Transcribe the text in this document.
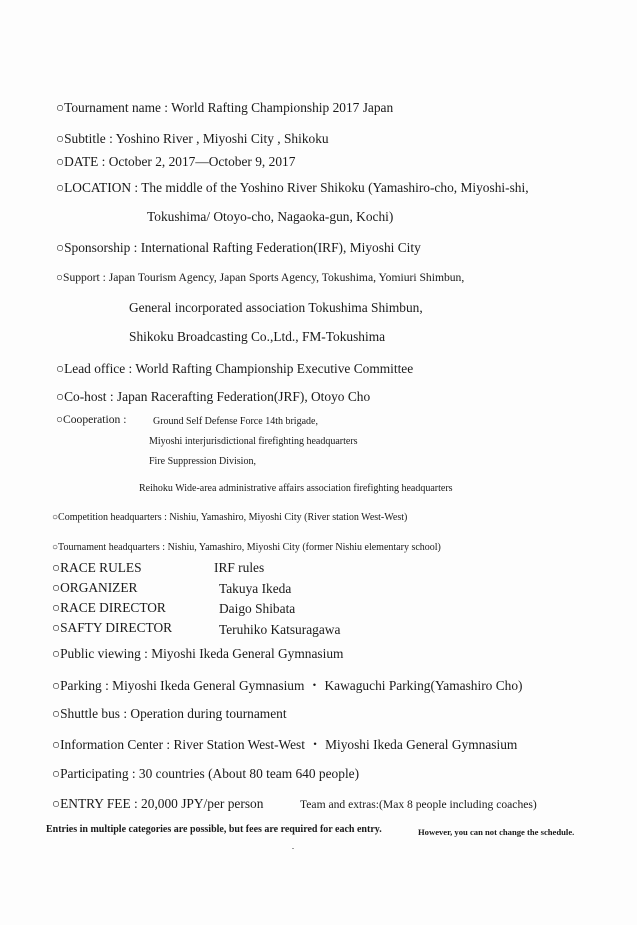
○Tournament name : World Rafting Championship 2017 Japan
○Subtitle : Yoshino River , Miyoshi City , Shikoku
○DATE : October 2, 2017—October 9, 2017
○LOCATION : The middle of the Yoshino River Shikoku (Yamashiro-cho, Miyoshi-shi,
Tokushima/ Otoyo-cho, Nagaoka-gun, Kochi)
○Sponsorship : International Rafting Federation(IRF), Miyoshi City
○Support : Japan Tourism Agency, Japan Sports Agency, Tokushima, Yomiuri Shimbun,
General incorporated association Tokushima Shimbun,
Shikoku Broadcasting Co.,Ltd., FM-Tokushima
○Lead office : World Rafting Championship Executive Committee
○Co-host : Japan Racerafting Federation(JRF), Otoyo Cho
○Cooperation :	Ground Self Defense Force 14th brigade,
Miyoshi interjurisdictional firefighting headquarters
Fire Suppression Division,
Reihoku Wide-area administrative affairs association firefighting headquarters
○Competition headquarters : Nishiu, Yamashiro, Miyoshi City (River station West-West)
○Tournament headquarters : Nishiu, Yamashiro, Miyoshi City (former Nishiu elementary school)
○RACE RULES	IRF rules
○ORGANIZER	Takuya Ikeda
○RACE DIRECTOR	Daigo Shibata
○SAFTY DIRECTOR	Teruhiko Katsuragawa
○Public viewing : Miyoshi Ikeda General Gymnasium
○Parking : Miyoshi Ikeda General Gymnasium ・ Kawaguchi Parking(Yamashiro Cho)
○Shuttle bus : Operation during tournament
○Information Center : River Station West-West ・ Miyoshi Ikeda General Gymnasium
○Participating : 30 countries (About 80 team 640 people)
○ENTRY FEE : 20,000 JPY/per person	Team and extras:(Max 8 people including coaches)
Entries in multiple categories are possible, but fees are required for each entry.	However, you can not change the schedule.
